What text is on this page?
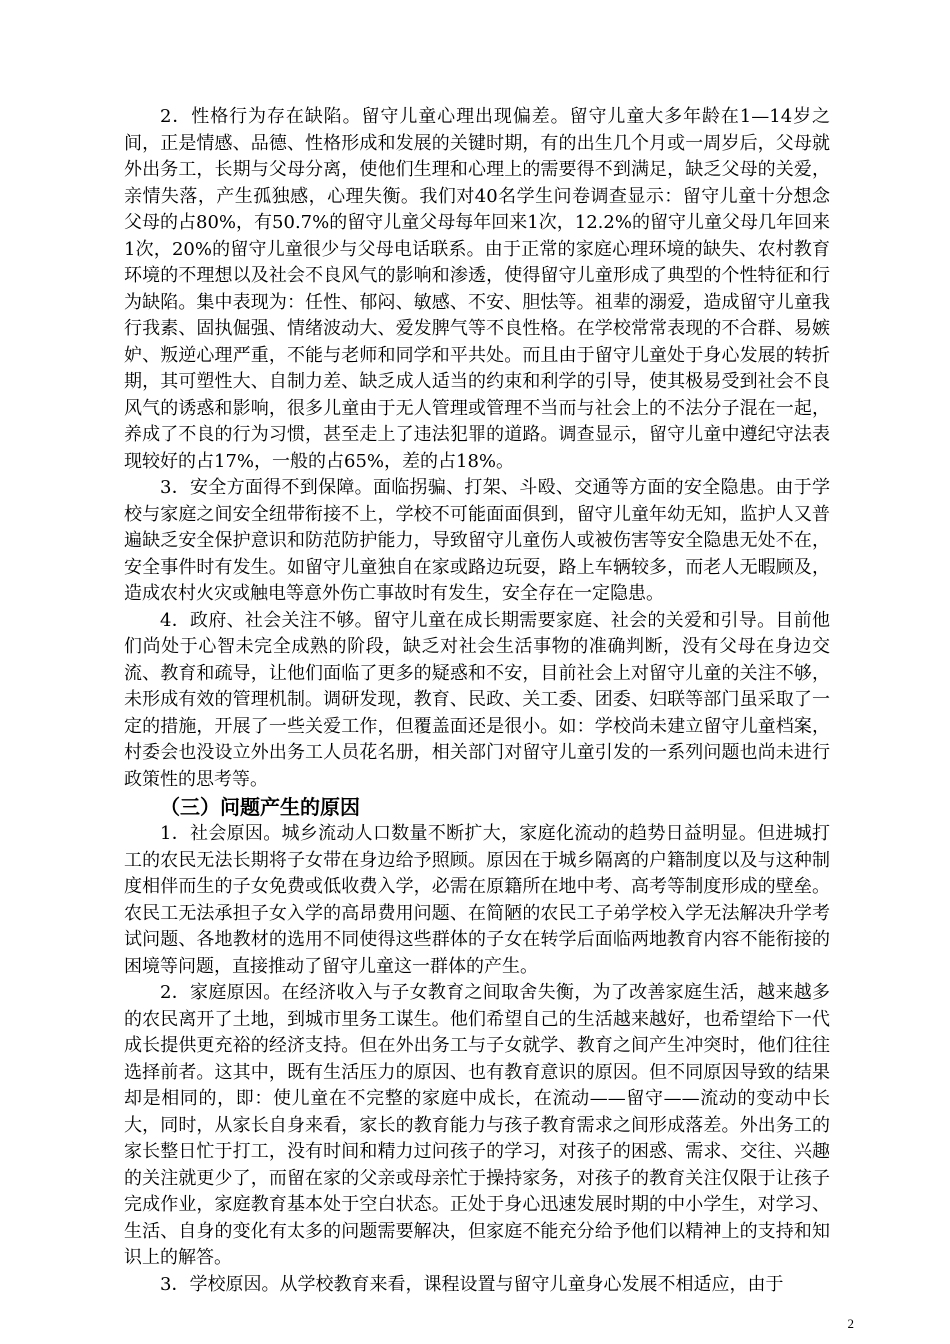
2．性格行为存在缺陷。留守儿童心理出现偏差。留守儿童大多年龄在1—14岁之间，正是情感、品德、性格形成和发展的关键时期，有的出生几个月或一周岁后，父母就外出务工，长期与父母分离，使他们生理和心理上的需要得不到满足，缺乏父母的关爱，亲情失落，产生孤独感，心理失衡。我们对40名学生问卷调查显示：留守儿童十分想念父母的占80%，有50.7%的留守儿童父母每年回来1次，12.2%的留守儿童父母几年回来1次，20%的留守儿童很少与父母电话联系。由于正常的家庭心理环境的缺失、农村教育环境的不理想以及社会不良风气的影响和渗透，使得留守儿童形成了典型的个性特征和行为缺陷。集中表现为：任性、郁闷、敏感、不安、胆怯等。祖辈的溺爱，造成留守儿童我行我素、固执倔强、情绪波动大、爱发脾气等不良性格。在学校常常表现的不合群、易嫉妒、叛逆心理严重，不能与老师和同学和平共处。而且由于留守儿童处于身心发展的转折期，其可塑性大、自制力差、缺乏成人适当的约束和利学的引导，使其极易受到社会不良风气的诱惑和影响，很多儿童由于无人管理或管理不当而与社会上的不法分子混在一起，养成了不良的行为习惯，甚至走上了违法犯罪的道路。调查显示，留守儿童中遵纪守法表现较好的占17%，一般的占65%，差的占18%。

3．安全方面得不到保障。面临拐骗、打架、斗殴、交通等方面的安全隐患。由于学校与家庭之间安全纽带衔接不上，学校不可能面面俱到，留守儿童年幼无知，监护人又普遍缺乏安全保护意识和防范防护能力，导致留守儿童伤人或被伤害等安全隐患无处不在，安全事件时有发生。如留守儿童独自在家或路边玩耍，路上车辆较多，而老人无暇顾及，造成农村火灾或触电等意外伤亡事故时有发生，安全存在一定隐患。

4．政府、社会关注不够。留守儿童在成长期需要家庭、社会的关爱和引导。目前他们尚处于心智未完全成熟的阶段，缺乏对社会生活事物的准确判断，没有父母在身边交流、教育和疏导，让他们面临了更多的疑惑和不安，目前社会上对留守儿童的关注不够，未形成有效的管理机制。调研发现，教育、民政、关工委、团委、妇联等部门虽采取了一定的措施，开展了一些关爱工作，但覆盖面还是很小。如：学校尚未建立留守儿童档案，村委会也没设立外出务工人员花名册，相关部门对留守儿童引发的一系列问题也尚未进行政策性的思考等。

（三）问题产生的原因

1．社会原因。城乡流动人口数量不断扩大，家庭化流动的趋势日益明显。但进城打工的农民无法长期将子女带在身边给予照顾。原因在于城乡隔离的户籍制度以及与这种制度相伴而生的子女免费或低收费入学，必需在原籍所在地中考、高考等制度形成的壁垒。农民工无法承担子女入学的高昂费用问题、在简陋的农民工子弟学校入学无法解决升学考试问题、各地教材的选用不同使得这些群体的子女在转学后面临两地教育内容不能衔接的困境等问题，直接推动了留守儿童这一群体的产生。

2．家庭原因。在经济收入与子女教育之间取舍失衡，为了改善家庭生活，越来越多的农民离开了土地，到城市里务工谋生。他们希望自己的生活越来越好，也希望给下一代成长提供更充裕的经济支持。但在外出务工与子女就学、教育之间产生冲突时，他们往往选择前者。这其中，既有生活压力的原因、也有教育意识的原因。但不同原因导致的结果却是相同的，即：使儿童在不完整的家庭中成长，在流动——留守——流动的变动中长大，同时，从家长自身来看，家长的教育能力与孩子教育需求之间形成落差。外出务工的家长整日忙于打工，没有时间和精力过问孩子的学习，对孩子的困惑、需求、交往、兴趣的关注就更少了，而留在家的父亲或母亲忙于操持家务，对孩子的教育关注仅限于让孩子完成作业，家庭教育基本处于空白状态。正处于身心迅速发展时期的中小学生，对学习、生活、自身的变化有太多的问题需要解决，但家庭不能充分给予他们以精神上的支持和知识上的解答。

3．学校原因。从学校教育来看，课程设置与留守儿童身心发展不相适应，由于

2
